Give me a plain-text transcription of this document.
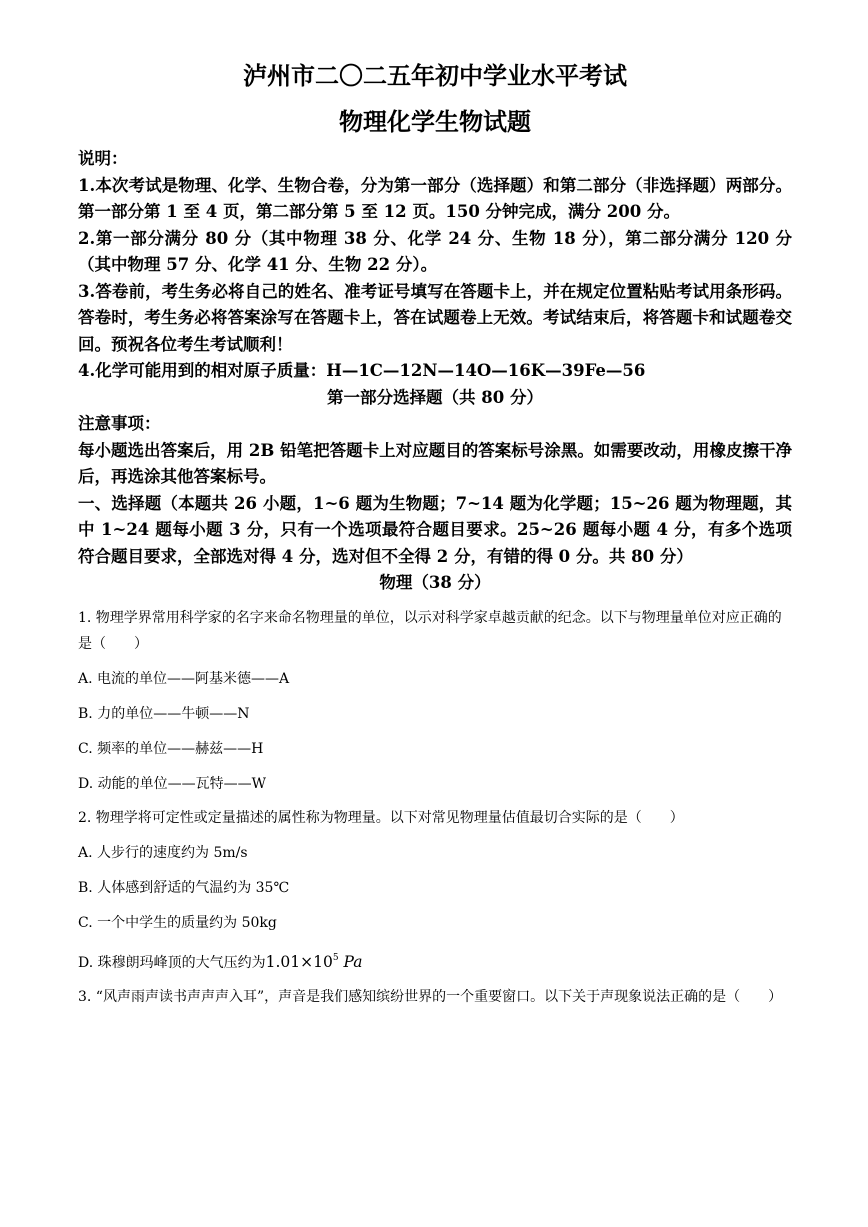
泸州市二〇二五年初中学业水平考试
物理化学生物试题

说明：

1.本次考试是物理、化学、生物合卷，分为第一部分（选择题）和第二部分（非选择题）两部分。第一部分第 1 至 4 页，第二部分第 5 至 12 页。150 分钟完成，满分 200 分。

2.第一部分满分 80 分（其中物理 38 分、化学 24 分、生物 18 分），第二部分满分 120 分（其中物理 57 分、化学 41 分、生物 22 分）。

3.答卷前，考生务必将自己的姓名、准考证号填写在答题卡上，并在规定位置粘贴考试用条形码。答卷时，考生务必将答案涂写在答题卡上，答在试题卷上无效。考试结束后，将答题卡和试题卷交回。预祝各位考生考试顺利！

4.化学可能用到的相对原子质量：H—1C—12N—14O—16K—39Fe—56

第一部分选择题（共 80 分）

注意事项：

每小题选出答案后，用 2B 铅笔把答题卡上对应题目的答案标号涂黑。如需要改动，用橡皮擦干净后，再选涂其他答案标号。

一、选择题（本题共 26 小题，1~6 题为生物题；7~14 题为化学题；15~26 题为物理题，其中 1~24 题每小题 3 分，只有一个选项最符合题目要求。25~26 题每小题 4 分，有多个选项符合题目要求，全部选对得 4 分，选对但不全得 2 分，有错的得 0 分。共 80 分）

物理（38 分）

1. 物理学界常用科学家的名字来命名物理量的单位，以示对科学家卓越贡献的纪念。以下与物理量单位对应正确的是（　　）

A. 电流的单位——阿基米德——A

B. 力的单位——牛顿——N

C. 频率的单位——赫兹——H

D. 动能的单位——瓦特——W

2. 物理学将可定性或定量描述的属性称为物理量。以下对常见物理量估值最切合实际的是（　　）

A. 人步行的速度约为 5m/s

B. 人体感到舒适的气温约为 35℃

C. 一个中学生的质量约为 50kg

D. 珠穆朗玛峰顶的大气压约为$1.01\times 10^5$ Pa

3. “风声雨声读书声声声入耳”，声音是我们感知缤纷世界的一个重要窗口。以下关于声现象说法正确的是（　　）
